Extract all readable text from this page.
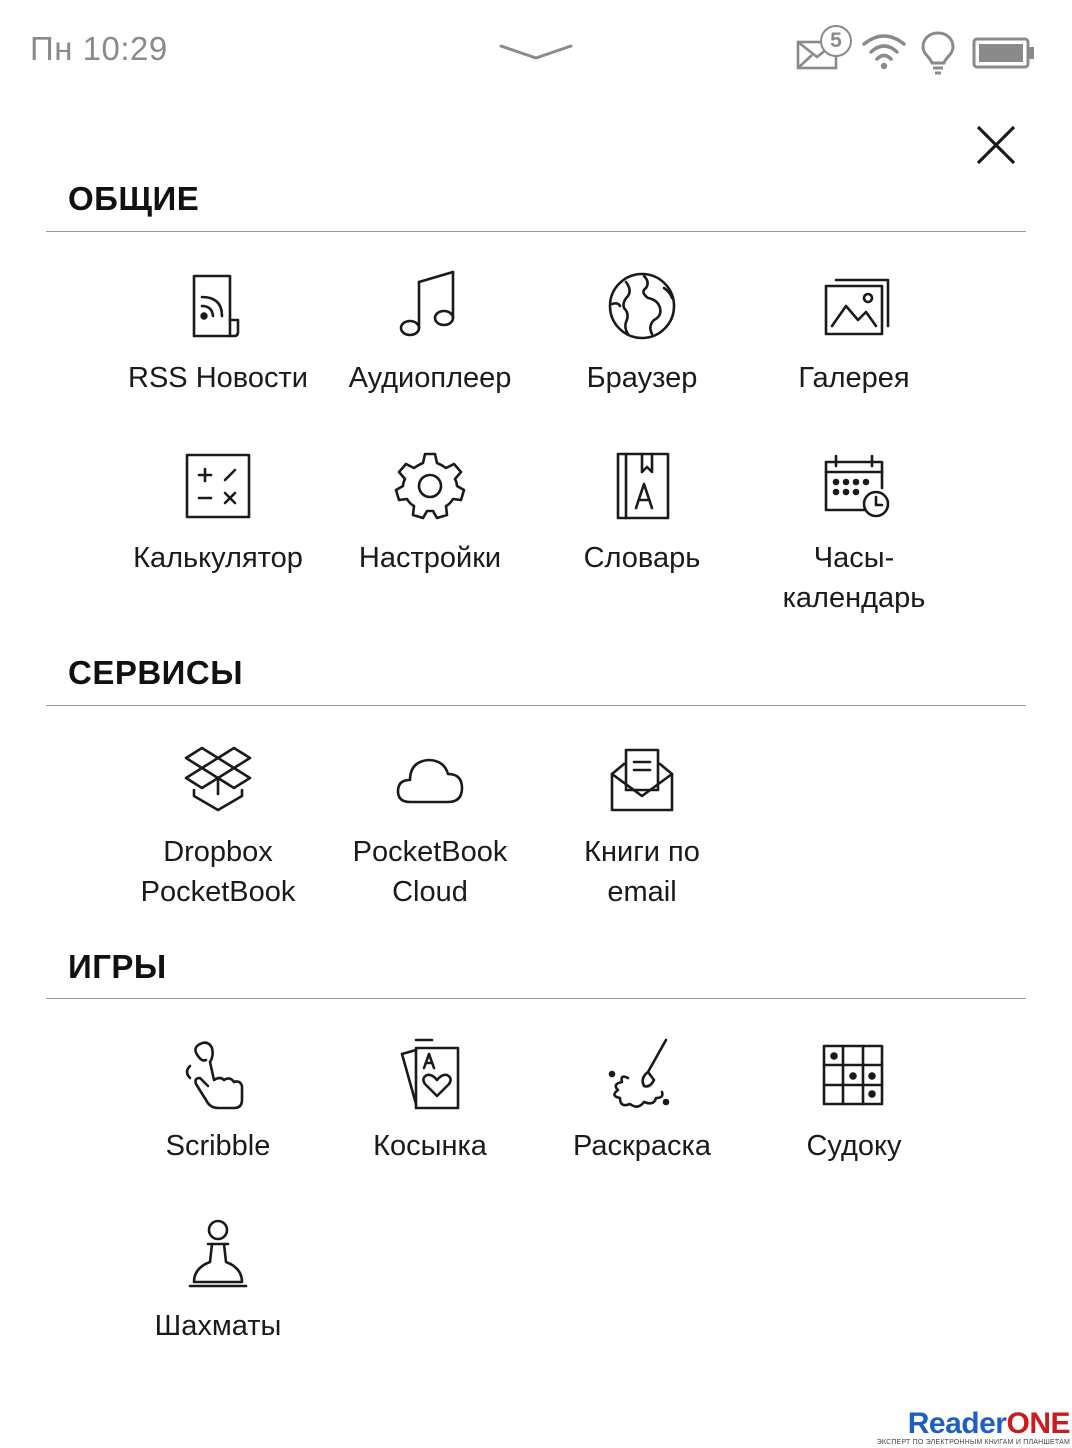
Пн 10:29	5
ОБЩИЕ
RSS Новости	Аудиоплеер	Браузер	Галерея
Калькулятор	Настройки	Словарь	Часы-
календарь
СЕРВИСЫ
Dropbox
PocketBook
PocketBook
Cloud
Книги по
email
ИГРЫ
Scribble	Косынка	Раскраска	Судоку
Шахматы
ReaderONE
ЭКСПЕРТ ПО ЭЛЕКТРОННЫМ КНИГАМ И ПЛАНШЕТАМ
